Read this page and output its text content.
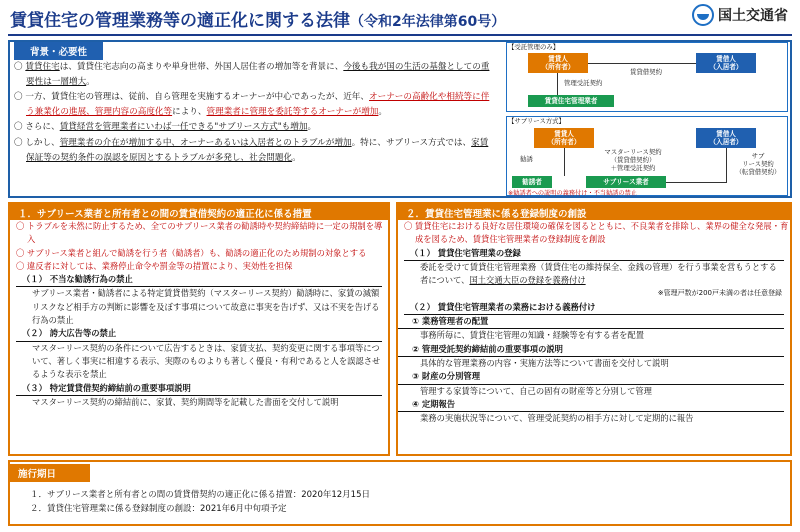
賃貸住宅の管理業務等の適正化に関する法律（令和2年法律第60号）	国土交通省
背景・必要性

〇 賃貸住宅は、賃貸住宅志向の高まりや単身世帯、外国人居住者の増加等を背景に、今後も我が国の生活の基盤としての重要性は一層増大。

〇 一方、賃貸住宅の管理は、従前、自ら管理を実施するオーナーが中心であったが、近年、オーナーの高齢化や相続等に伴う兼業化の進展、管理内容の高度化等により、管理業者に管理を委託等するオーナーが増加。

〇 さらに、賃貸経営を管理業者にいわば一任できる"サブリース方式"も増加。

〇 しかし、管理業者の介在が増加する中、オーナーあるいは入居者とのトラブルが増加。特に、サブリース方式では、家賃保証等の契約条件の誤認を原因とするトラブルが多発し、社会問題化。

【受託管理のみ】
賃貸人
（所有者）
賃借人
（入居者）
賃貸借契約
管理受託契約
賃貸住宅管理業者
【サブリース方式】
賃貸人
（所有者）
賃借人
（入居者）
マスターリース契約
（賃貸借契約）
＋管理受託契約
勧誘
勧誘者	サブリース業者
サブ
リース契約
（転貸借契約）
※勧誘者への説明の義務付け・不当勧誘の禁止
１．サブリース業者と所有者との間の賃貸借契約の適正化に係る措置

〇 トラブルを未然に防止するため、全てのサブリース業者の勧誘時や契約締結時に一定の規制を導入

〇 サブリース業者と組んで勧誘を行う者（勧誘者）も、勧誘の適正化のため規制の対象とする

〇 違反者に対しては、業務停止命令や罰金等の措置により、実効性を担保

（１） 不当な勧誘行為の禁止

サブリース業者・勧誘者による特定賃貸借契約（マスターリース契約）勧誘時に、家賃の減額リスクなど相手方の判断に影響を及ぼす事項について故意に事実を告げず、又は不実を告げる行為の禁止

（２） 誇大広告等の禁止

マスターリース契約の条件について広告するときは、家賃支払、契約変更に関する事項等について、著しく事実に相違する表示、実際のものよりも著しく優良・有利であると人を誤認させるような表示を禁止

（３） 特定賃貸借契約締結前の重要事項説明

マスターリース契約の締結前に、家賃、契約期間等を記載した書面を交付して説明

２．賃貸住宅管理業に係る登録制度の創設

〇 賃貸住宅における良好な居住環境の確保を図るとともに、不良業者を排除し、業界の健全な発展・育成を図るため、賃貸住宅管理業者の登録制度を創設

（１） 賃貸住宅管理業の登録

委託を受けて賃貸住宅管理業務（賃貸住宅の維持保全、金銭の管理）を行う事業を営もうとする者について、国土交通大臣の登録を義務付け

※管理戸数が200戸未満の者は任意登録

（２） 賃貸住宅管理業者の業務における義務付け

① 業務管理者の配置

事務所毎に、賃貸住宅管理の知識・経験等を有する者を配置

② 管理受託契約締結前の重要事項の説明

具体的な管理業務の内容・実施方法等について書面を交付して説明

③ 財産の分別管理

管理する家賃等について、自己の固有の財産等と分別して管理

④ 定期報告

業務の実施状況等について、管理受託契約の相手方に対して定期的に報告

施行期日

１．サブリース業者と所有者との間の賃貸借契約の適正化に係る措置：2020年12月15日

２．賃貸住宅管理業に係る登録制度の創設：2021年6月中旬項予定
